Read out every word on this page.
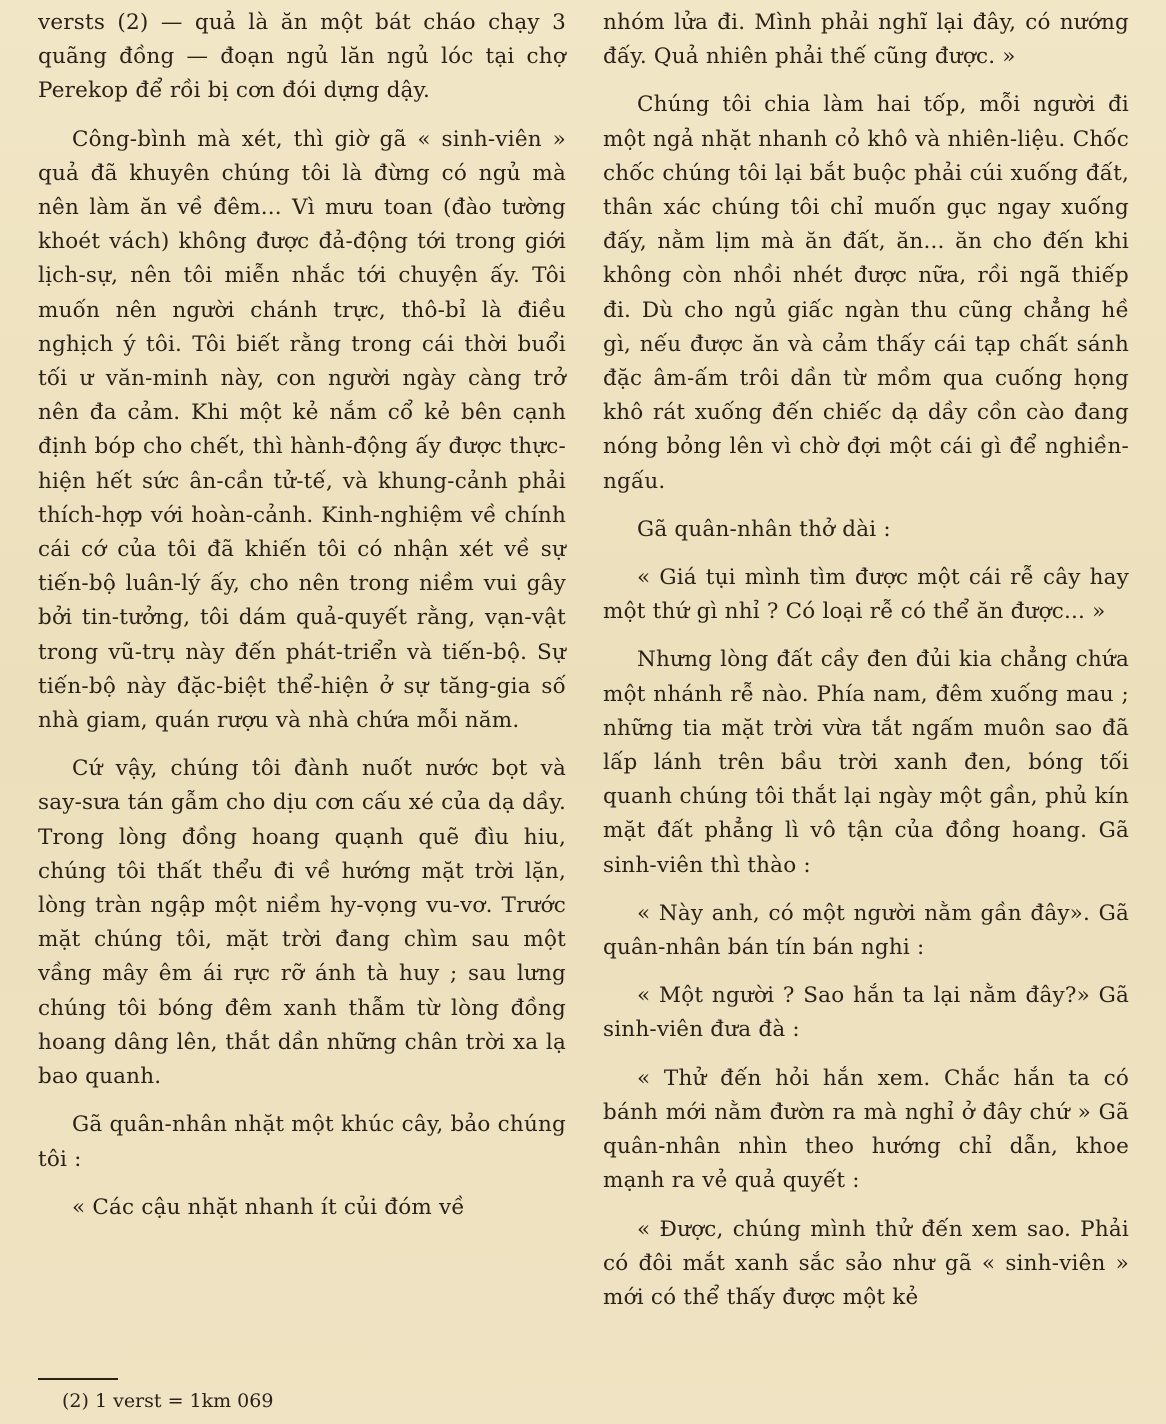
versts (2) — quả là ăn một bát cháo chạy 3 quãng đồng — đoạn ngủ lăn ngủ lóc tại chợ Perekop để rồi bị cơn đói dựng dậy.

Công-bình mà xét, thì giờ gã « sinh-viên » quả đã khuyên chúng tôi là đừng có ngủ mà nên làm ăn về đêm... Vì mưu toan (đào tường khoét vách) không được đả-động tới trong giới lịch-sự, nên tôi miễn nhắc tới chuyện ấy. Tôi muốn nên người chánh trực, thô-bỉ là điều nghịch ý tôi. Tôi biết rằng trong cái thời buổi tối ư văn-minh này, con người ngày càng trở nên đa cảm. Khi một kẻ nắm cổ kẻ bên cạnh định bóp cho chết, thì hành-động ấy được thực-hiện hết sức ân-cần tử-tế, và khung-cảnh phải thích-hợp với hoàn-cảnh. Kinh-nghiệm về chính cái cớ của tôi đã khiến tôi có nhận xét về sự tiến-bộ luân-lý ấy, cho nên trong niềm vui gây bởi tin-tưởng, tôi dám quả-quyết rằng, vạn-vật trong vũ-trụ này đến phát-triển và tiến-bộ. Sự tiến-bộ này đặc-biệt thể-hiện ở sự tăng-gia số nhà giam, quán rượu và nhà chứa mỗi năm.

Cứ vậy, chúng tôi đành nuốt nước bọt và say-sưa tán gẫm cho dịu cơn cấu xé của dạ dầy. Trong lòng đồng hoang quạnh quẽ đìu hiu, chúng tôi thất thểu đi về hướng mặt trời lặn, lòng tràn ngập một niềm hy-vọng vu-vơ. Trước mặt chúng tôi, mặt trời đang chìm sau một vầng mây êm ái rực rỡ ánh tà huy ; sau lưng chúng tôi bóng đêm xanh thẫm từ lòng đồng hoang dâng lên, thắt dần những chân trời xa lạ bao quanh.

Gã quân-nhân nhặt một khúc cây, bảo chúng tôi :

« Các cậu nhặt nhanh ít củi đóm về

nhóm lửa đi. Mình phải nghĩ lại đây, có nướng đấy. Quả nhiên phải thế cũng được. »

Chúng tôi chia làm hai tốp, mỗi người đi một ngả nhặt nhanh cỏ khô và nhiên-liệu. Chốc chốc chúng tôi lại bắt buộc phải cúi xuống đất, thân xác chúng tôi chỉ muốn gục ngay xuống đấy, nằm lịm mà ăn đất, ăn... ăn cho đến khi không còn nhồi nhét được nữa, rồi ngã thiếp đi. Dù cho ngủ giấc ngàn thu cũng chẳng hề gì, nếu được ăn và cảm thấy cái tạp chất sánh đặc âm-ấm trôi dần từ mồm qua cuống họng khô rát xuống đến chiếc dạ dầy cồn cào đang nóng bỏng lên vì chờ đợi một cái gì để nghiền-ngấu.

Gã quân-nhân thở dài :

« Giá tụi mình tìm được một cái rễ cây hay một thứ gì nhỉ ? Có loại rễ có thể ăn được... »

Nhưng lòng đất cầy đen đủi kia chẳng chứa một nhánh rễ nào. Phía nam, đêm xuống mau ; những tia mặt trời vừa tắt ngấm muôn sao đã lấp lánh trên bầu trời xanh đen, bóng tối quanh chúng tôi thắt lại ngày một gần, phủ kín mặt đất phẳng lì vô tận của đồng hoang. Gã sinh-viên thì thào :

« Này anh, có một người nằm gần đây». Gã quân-nhân bán tín bán nghi :

« Một người ? Sao hắn ta lại nằm đây?» Gã sinh-viên đưa đà :

« Thử đến hỏi hắn xem. Chắc hắn ta có bánh mới nằm đườn ra mà nghỉ ở đây chứ » Gã quân-nhân nhìn theo hướng chỉ dẫn, khoe mạnh ra vẻ quả quyết :

« Được, chúng mình thử đến xem sao. Phải có đôi mắt xanh sắc sảo như gã « sinh-viên » mới có thể thấy được một kẻ

(2) 1 verst = 1km 069
